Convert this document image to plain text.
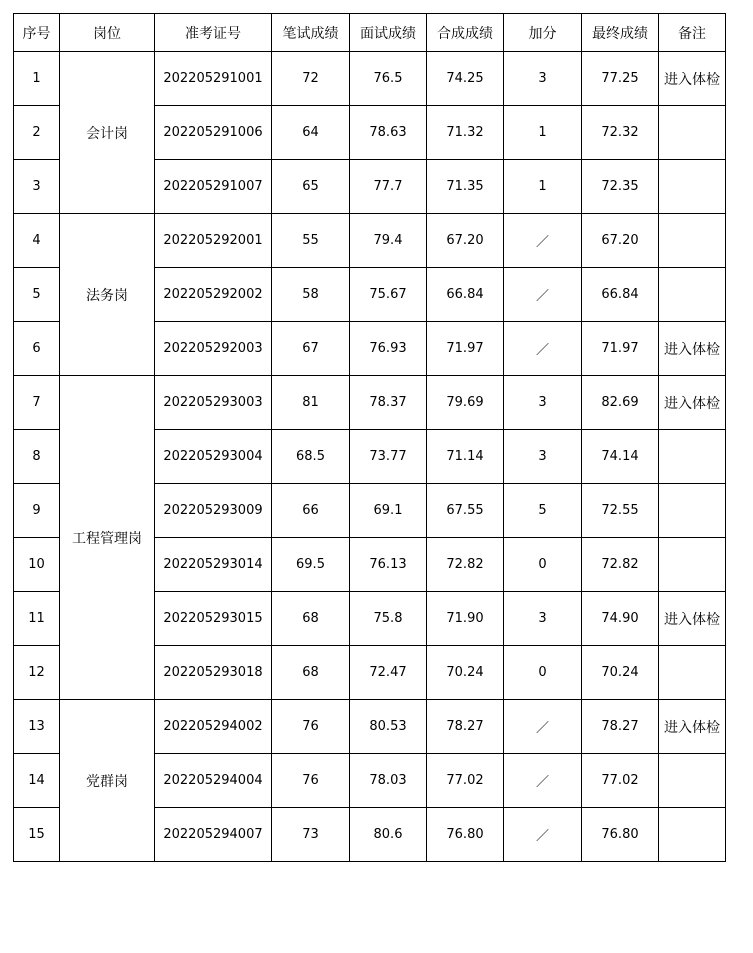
序号	岗位	准考证号	笔试成绩	面试成绩	合成成绩	加分	最终成绩	备注
1	会计岗	202205291001	72	76.5	74.25	3	77.25	进入体检
2		202205291006	64	78.63	71.32	1	72.32	
3		202205291007	65	77.7	71.35	1	72.35	
4	法务岗	202205292001	55	79.4	67.20	／	67.20	
5		202205292002	58	75.67	66.84	／	66.84	
6		202205292003	67	76.93	71.97	／	71.97	进入体检
7	工程管理岗	202205293003	81	78.37	79.69	3	82.69	进入体检
8		202205293004	68.5	73.77	71.14	3	74.14	
9		202205293009	66	69.1	67.55	5	72.55	
10		202205293014	69.5	76.13	72.82	0	72.82	
11		202205293015	68	75.8	71.90	3	74.90	进入体检
12		202205293018	68	72.47	70.24	0	70.24	
13	党群岗	202205294002	76	80.53	78.27	／	78.27	进入体检
14		202205294004	76	78.03	77.02	／	77.02	
15		202205294007	73	80.6	76.80	／	76.80	
